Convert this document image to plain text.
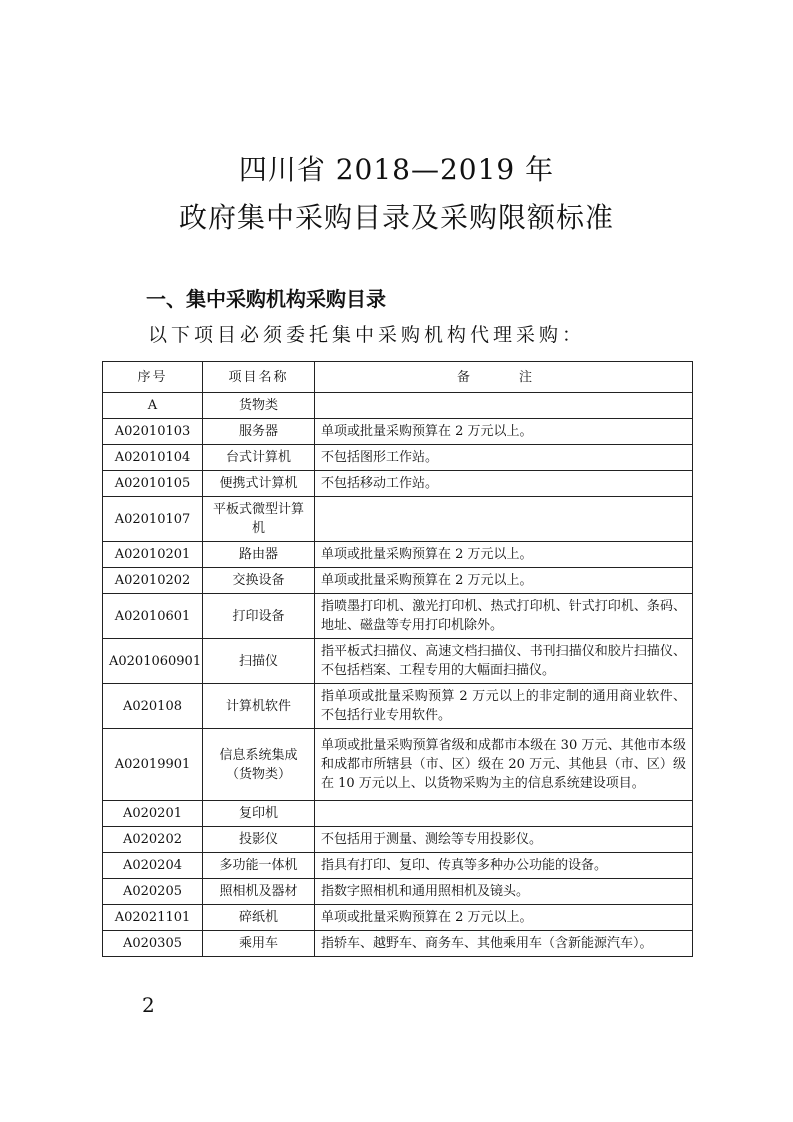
四川省 2018—2019 年
政府集中采购目录及采购限额标准
一、集中采购机构采购目录
以下项目必须委托集中采购机构代理采购：
序号	项目名称	备　注
A	货物类	
A02010103	服务器	单项或批量采购预算在 2 万元以上。
A02010104	台式计算机	不包括图形工作站。
A02010105	便携式计算机	不包括移动工作站。
A02010107	平板式微型计算机	
A02010201	路由器	单项或批量采购预算在 2 万元以上。
A02010202	交换设备	单项或批量采购预算在 2 万元以上。
A02010601	打印设备	指喷墨打印机、激光打印机、热式打印机、针式打印机、条码、地址、磁盘等专用打印机除外。
A0201060901	扫描仪	指平板式扫描仪、高速文档扫描仪、书刊扫描仪和胶片扫描仪、不包括档案、工程专用的大幅面扫描仪。
A020108	计算机软件	指单项或批量采购预算 2 万元以上的非定制的通用商业软件、不包括行业专用软件。
A02019901	信息系统集成（货物类）	单项或批量采购预算省级和成都市本级在 30 万元、其他市本级和成都市所辖县（市、区）级在 20 万元、其他县（市、区）级在 10 万元以上、以货物采购为主的信息系统建设项目。
A020201	复印机	
A020202	投影仪	不包括用于测量、测绘等专用投影仪。
A020204	多功能一体机	指具有打印、复印、传真等多种办公功能的设备。
A020205	照相机及器材	指数字照相机和通用照相机及镜头。
A02021101	碎纸机	单项或批量采购预算在 2 万元以上。
A020305	乘用车	指轿车、越野车、商务车、其他乘用车（含新能源汽车）。
2
